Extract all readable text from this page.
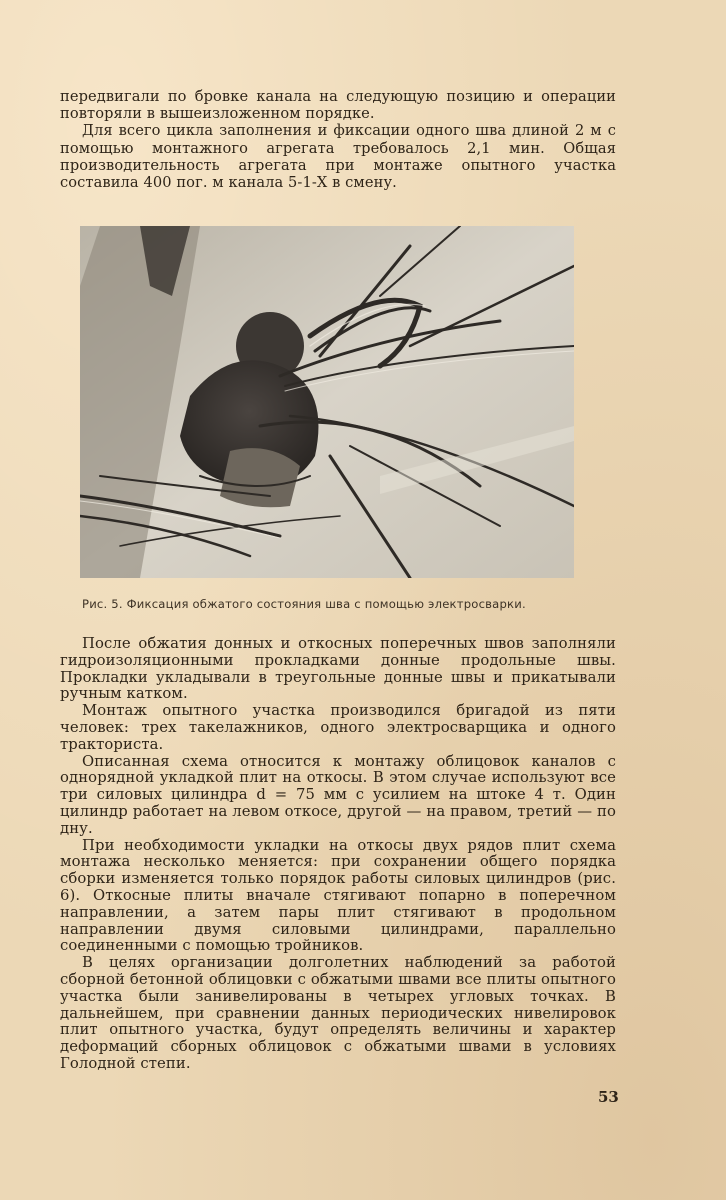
передвигали по бровке канала на следующую позицию и операции повторяли в вышеизложенном порядке.

Для всего цикла заполнения и фиксации одного шва длиной 2 м с помощью монтажного агрегата требовалось 2,1 мин. Общая производительность агрегата при монтаже опытного участка составила 400 пог. м канала 5-1-X в смену.

Рис. 5. Фиксация обжатого состояния шва с помощью электросварки.

После обжатия донных и откосных поперечных швов заполняли гидроизоляционными прокладками донные продольные швы. Прокладки укладывали в треугольные донные швы и прикатывали ручным катком.

Монтаж опытного участка производился бригадой из пяти человек: трех такелажников, одного электросварщика и одного тракториста.

Описанная схема относится к монтажу облицовок каналов с однорядной укладкой плит на откосы. В этом случае используют все три силовых цилиндра d = 75 мм с усилием на штоке 4 т. Один цилиндр работает на левом откосе, другой — на правом, третий — по дну.

При необходимости укладки на откосы двух рядов плит схема монтажа несколько меняется: при сохранении общего порядка сборки изменяется только порядок работы силовых цилиндров (рис. 6). Откосные плиты вначале стягивают попарно в поперечном направлении, а затем пары плит стягивают в продольном направлении двумя силовыми цилиндрами, параллельно соединенными с помощью тройников.

В целях организации долголетних наблюдений за работой сборной бетонной облицовки с обжатыми швами все плиты опытного участка были занивелированы в четырех угловых точках. В дальнейшем, при сравнении данных периодических нивелировок плит опытного участка, будут определять величины и характер деформаций сборных облицовок с обжатыми швами в условиях Голодной степи.

53
